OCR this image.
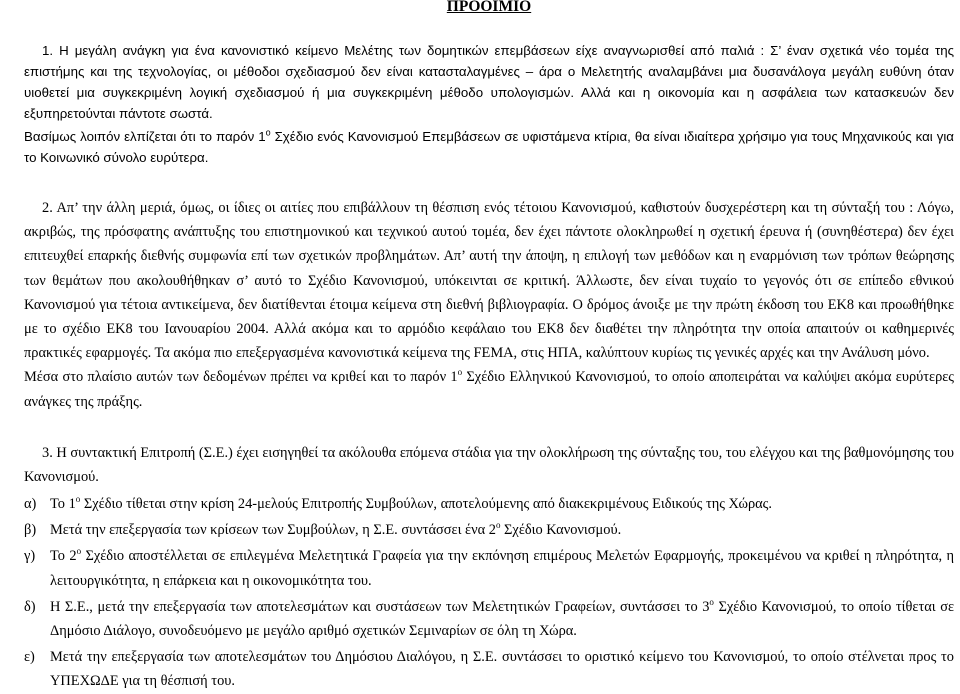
ΠΡΟΟΙΜΙΟ
1. Η μεγάλη ανάγκη για ένα κανονιστικό κείμενο Μελέτης των δομητικών επεμβάσεων είχε αναγνωρισθεί από παλιά : Σ’ έναν σχετικά νέο τομέα της επιστήμης και της τεχνολογίας, οι μέθοδοι σχεδιασμού δεν είναι κατασταλαγμένες – άρα ο Μελετητής αναλαμβάνει μια δυσανάλογα μεγάλη ευθύνη όταν υιοθετεί μια συγκεκριμένη λογική σχεδιασμού ή μια συγκεκριμένη μέθοδο υπολογισμών. Αλλά και η οικονομία και η ασφάλεια των κατασκευών δεν εξυπηρετούνται πάντοτε σωστά.
Βασίμως λοιπόν ελπίζεται ότι το παρόν $1^o$ Σχέδιο ενός Κανονισμού Επεμβάσεων σε υφιστάμενα κτίρια, θα είναι ιδιαίτερα χρήσιμο για τους Μηχανικούς και για το Κοινωνικό σύνολο ευρύτερα.
2. Απ’ την άλλη μεριά, όμως, οι ίδιες οι αιτίες που επιβάλλουν τη θέσπιση ενός τέτοιου Κανονισμού, καθιστούν δυσχερέστερη και τη σύνταξή του : Λόγω, ακριβώς, της πρόσφατης ανάπτυξης του επιστημονικού και τεχνικού αυτού τομέα, δεν έχει πάντοτε ολοκληρωθεί η σχετική έρευνα ή (συνηθέστερα) δεν έχει επιτευχθεί επαρκής διεθνής συμφωνία επί των σχετικών προβλημάτων. Απ’ αυτή την άποψη, η επιλογή των μεθόδων και η εναρμόνιση των τρόπων θεώρησης των θεμάτων που ακολουθήθηκαν σ’ αυτό το Σχέδιο Κανονισμού, υπόκεινται σε κριτική. Άλλωστε, δεν είναι τυχαίο το γεγονός ότι σε επίπεδο εθνικού Κανονισμού για τέτοια αντικείμενα, δεν διατίθενται έτοιμα κείμενα στη διεθνή βιβλιογραφία. Ο δρόμος άνοιξε με την πρώτη έκδοση του ΕΚ8 και προωθήθηκε με το σχέδιο ΕΚ8 του Ιανουαρίου 2004. Αλλά ακόμα και το αρμόδιο κεφάλαιο του ΕΚ8 δεν διαθέτει την πληρότητα την οποία απαιτούν οι καθημερινές πρακτικές εφαρμογές. Τα ακόμα πιο επεξεργασμένα κανονιστικά κείμενα της FEMA, στις ΗΠΑ, καλύπτουν κυρίως τις γενικές αρχές και την Ανάλυση μόνο.
Μέσα στο πλαίσιο αυτών των δεδομένων πρέπει να κριθεί και το παρόν $1^o$ Σχέδιο Ελληνικού Κανονισμού, το οποίο αποπειράται να καλύψει ακόμα ευρύτερες ανάγκες της πράξης.
3. Η συντακτική Επιτροπή (Σ.Ε.) έχει εισηγηθεί τα ακόλουθα επόμενα στάδια για την ολοκλήρωση της σύνταξης του, του ελέγχου και της βαθμονόμησης του Κανονισμού.
α) Το $1^o$ Σχέδιο τίθεται στην κρίση 24-μελούς Επιτροπής Συμβούλων, αποτελούμενης από διακεκριμένους Ειδικούς της Χώρας.
β) Μετά την επεξεργασία των κρίσεων των Συμβούλων, η Σ.Ε. συντάσσει ένα $2^o$ Σχέδιο Κανονισμού.
γ)	Το $2^o$ Σχέδιο αποστέλλεται σε επιλεγμένα Μελετητικά Γραφεία για την εκπόνηση επιμέρους Μελετών Εφαρμογής, προκειμένου να κριθεί η πληρότητα, η λειτουργικότητα, η επάρκεια και η οικονομικότητα του.
δ)	Η Σ.Ε., μετά την επεξεργασία των αποτελεσμάτων και συστάσεων των Μελετητικών Γραφείων, συντάσσει το $3^o$ Σχέδιο Κανονισμού, το οποίο τίθεται σε Δημόσιο Διάλογο, συνοδευόμενο με μεγάλο αριθμό σχετικών Σεμιναρίων σε όλη τη Χώρα.
ε)	Μετά την επεξεργασία των αποτελεσμάτων του Δημόσιου Διαλόγου, η Σ.Ε. συντάσσει το οριστικό κείμενο του Κανονισμού, το οποίο στέλνεται προς το ΥΠΕΧΩΔΕ για τη θέσπισή του.
